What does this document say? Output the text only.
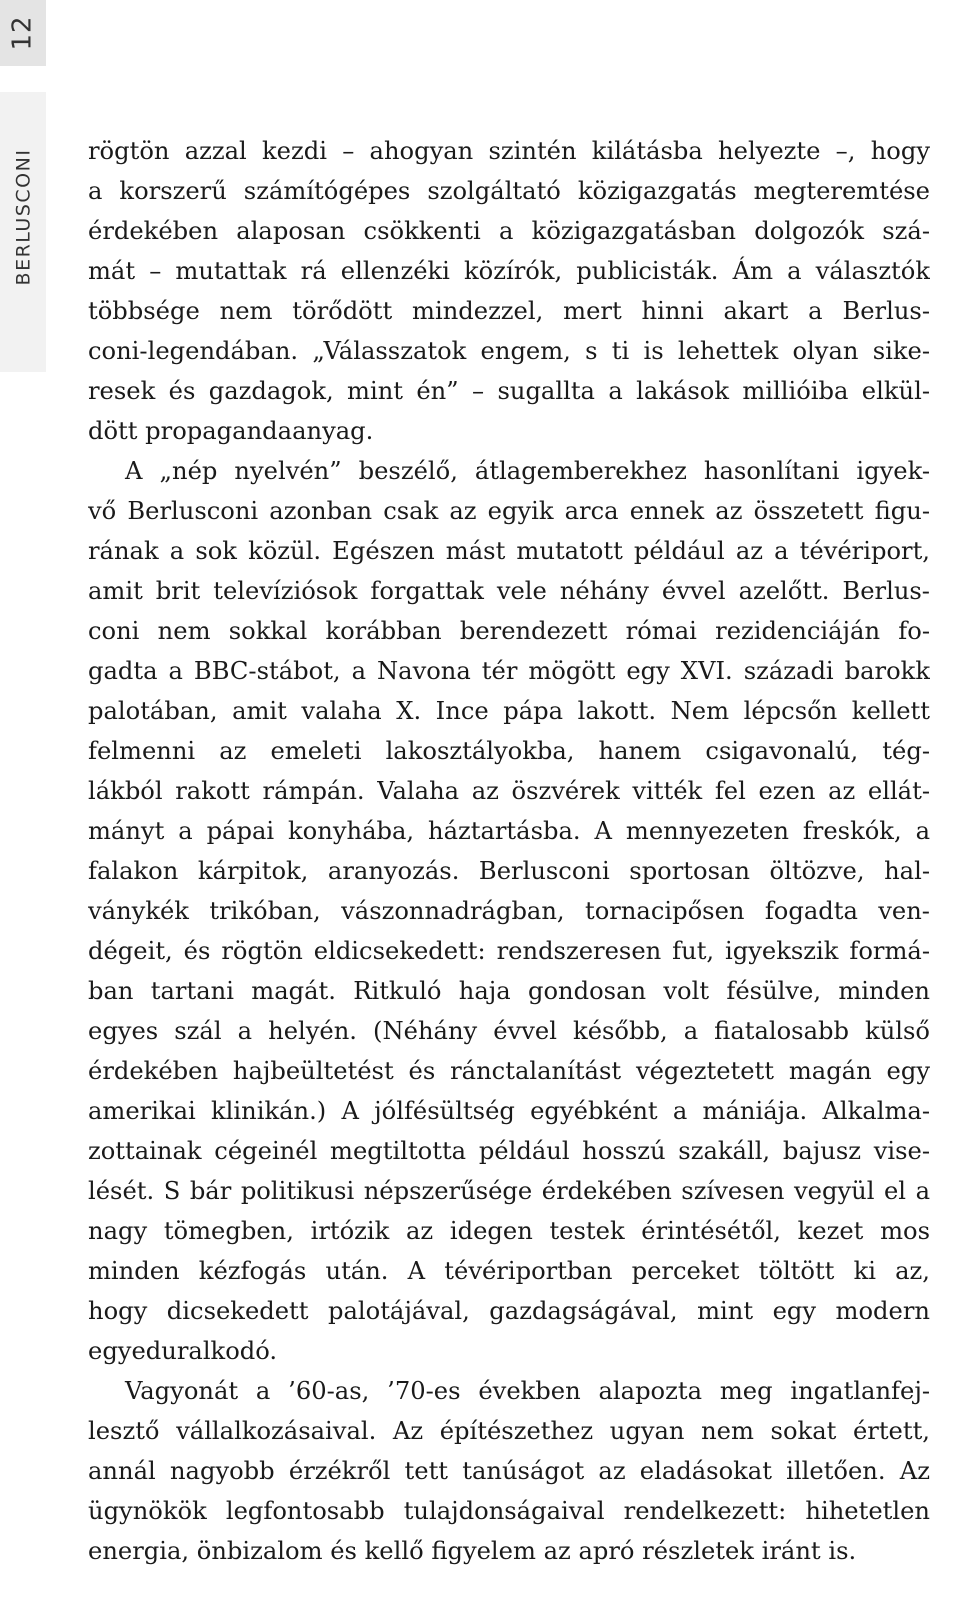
12
BERLUSCONI rögtön azzal kezdi – ahogyan szintén kilátásba helyezte –, hogy
a korszerű számítógépes szolgáltató közigazgatás megteremtése
érdekében alaposan csökkenti a közigazgatásban dolgozók szá-
mát – mutattak rá ellenzéki közírók, publicisták. Ám a választók
többsége nem törődött mindezzel, mert hinni akart a Berlus-
coni-legendában. „Válasszatok engem, s ti is lehettek olyan sike-
resek és gazdagok, mint én” – sugallta a lakások millióiba elkül-
dött propagandaanyag.
A „nép nyelvén” beszélő, átlagemberekhez hasonlítani igyek-
vő Berlusconi azonban csak az egyik arca ennek az összetett figu-
rának a sok közül. Egészen mást mutatott például az a tévériport,
amit brit televíziósok forgattak vele néhány évvel azelőtt. Berlus-
coni nem sokkal korábban berendezett római rezidenciáján fo-
gadta a BBC-stábot, a Navona tér mögött egy XVI. századi barokk
palotában, amit valaha X. Ince pápa lakott. Nem lépcsőn kellett
felmenni az emeleti lakosztályokba, hanem csigavonalú, tég-
lákból rakott rámpán. Valaha az öszvérek vitték fel ezen az ellát-
mányt a pápai konyhába, háztartásba. A mennyezeten freskók, a
falakon kárpitok, aranyozás. Berlusconi sportosan öltözve, hal-
ványkék trikóban, vászonnadrágban, tornacipősen fogadta ven-
dégeit, és rögtön eldicsekedett: rendszeresen fut, igyekszik formá-
ban tartani magát. Ritkuló haja gondosan volt fésülve, minden
egyes szál a helyén. (Néhány évvel később, a fiatalosabb külső
érdekében hajbeültetést és ránctalanítást végeztetett magán egy
amerikai klinikán.) A jólfésültség egyébként a mániája. Alkalma-
zottainak cégeinél megtiltotta például hosszú szakáll, bajusz vise-
lését. S bár politikusi népszerűsége érdekében szívesen vegyül el a
nagy tömegben, irtózik az idegen testek érintésétől, kezet mos
minden kézfogás után. A tévériportban perceket töltött ki az,
hogy dicsekedett palotájával, gazdagságával, mint egy modern
egyeduralkodó.
Vagyonát a ’60-as, ’70-es években alapozta meg ingatlanfej-
lesztő vállalkozásaival. Az építészethez ugyan nem sokat értett,
annál nagyobb érzékről tett tanúságot az eladásokat illetően. Az
ügynökök legfontosabb tulajdonságaival rendelkezett: hihetetlen
energia, önbizalom és kellő figyelem az apró részletek iránt is.
